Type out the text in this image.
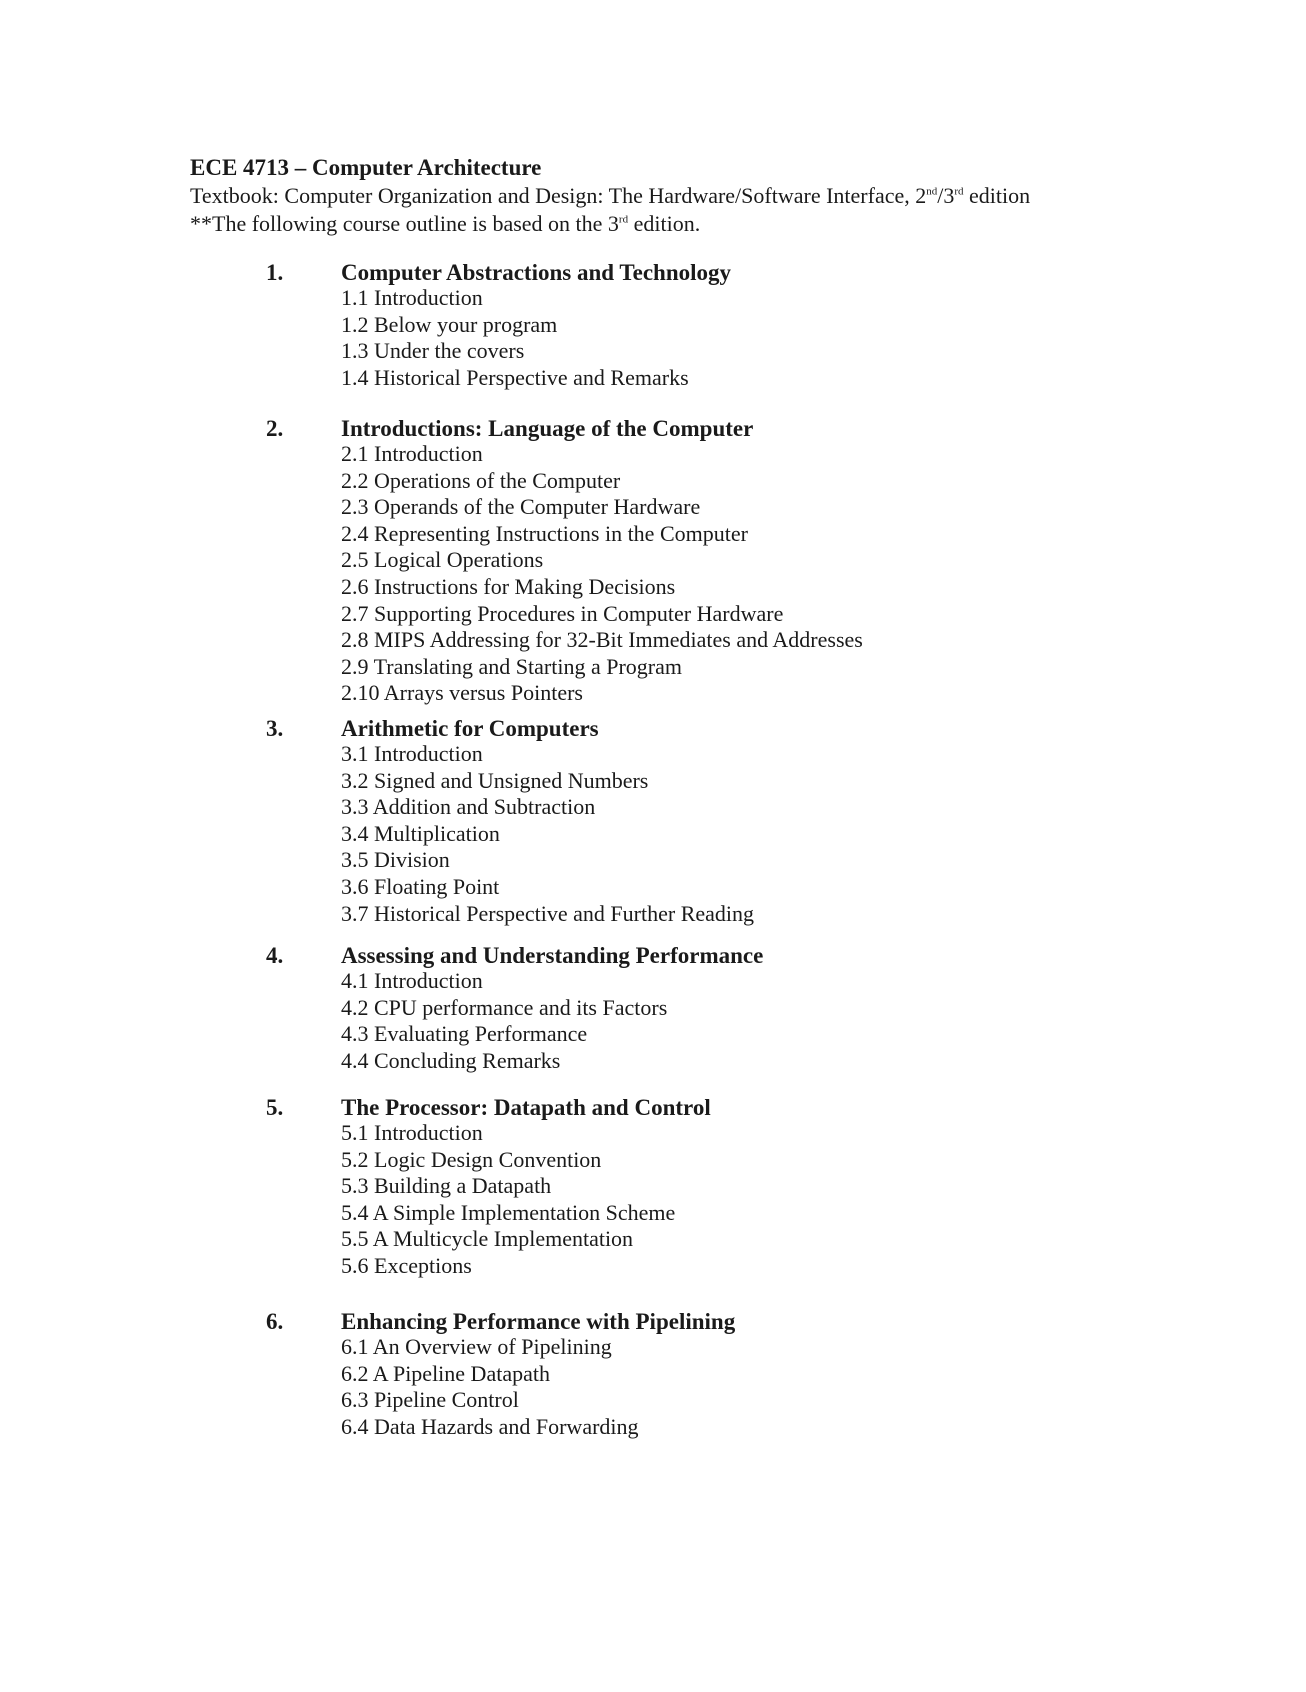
ECE 4713 – Computer Architecture

Textbook: Computer Organization and Design: The Hardware/Software Interface, 2nd/3rd edition

**The following course outline is based on the 3rd edition.

1.	Computer Abstractions and Technology
1.1 Introduction
1.2 Below your program
1.3 Under the covers
1.4 Historical Perspective and Remarks
2.	Introductions: Language of the Computer
2.1 Introduction
2.2 Operations of the Computer
2.3 Operands of the Computer Hardware
2.4 Representing Instructions in the Computer
2.5 Logical Operations
2.6 Instructions for Making Decisions
2.7 Supporting Procedures in Computer Hardware
2.8 MIPS Addressing for 32-Bit Immediates and Addresses
2.9 Translating and Starting a Program
2.10 Arrays versus Pointers
3.	Arithmetic for Computers
3.1 Introduction
3.2 Signed and Unsigned Numbers
3.3 Addition and Subtraction
3.4 Multiplication
3.5 Division
3.6 Floating Point
3.7 Historical Perspective and Further Reading
4.	Assessing and Understanding Performance
4.1 Introduction
4.2 CPU performance and its Factors
4.3 Evaluating Performance
4.4 Concluding Remarks
5.	The Processor: Datapath and Control
5.1 Introduction
5.2 Logic Design Convention
5.3 Building a Datapath
5.4 A Simple Implementation Scheme
5.5 A Multicycle Implementation
5.6 Exceptions
6.	Enhancing Performance with Pipelining
6.1 An Overview of Pipelining
6.2 A Pipeline Datapath
6.3 Pipeline Control
6.4 Data Hazards and Forwarding
